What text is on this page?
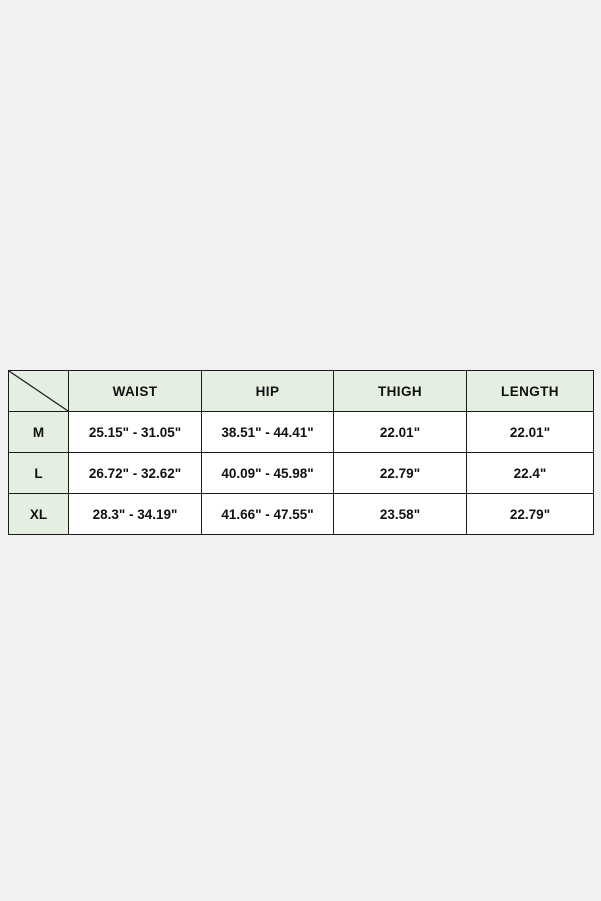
	WAIST	HIP	THIGH	LENGTH
M	25.15" - 31.05"	38.51" - 44.41"	22.01"	22.01"
L	26.72" - 32.62"	40.09" - 45.98"	22.79"	22.4"
XL	28.3" - 34.19"	41.66" - 47.55"	23.58"	22.79"
